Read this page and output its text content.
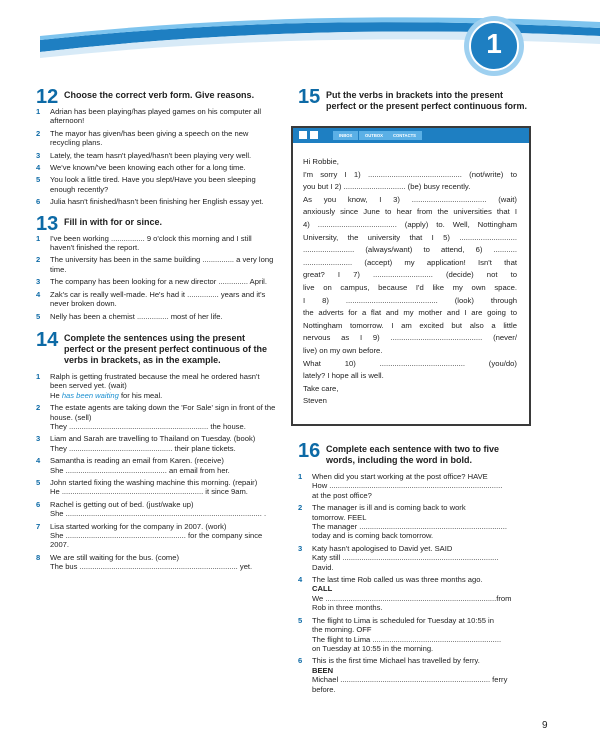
1
12 Choose the correct verb form. Give reasons.
1 Adrian has been playing/has played games on his computer all afternoon!
2 The mayor has given/has been giving a speech on the new recycling plans.
3 Lately, the team hasn't played/hasn't been playing very well.
4 We've known/'ve been knowing each other for a long time.
5 You look a little tired. Have you slept/Have you been sleeping enough recently?
6 Julia hasn't finished/hasn't been finishing her English essay yet.
13 Fill in with for or since.
1 I've been working ................ 9 o'clock this morning and I still haven't finished the report.
2 The university has been in the same building ............... a very long time.
3 The company has been looking for a new director .............. April.
4 Zak's car is really well-made. He's had it ............... years and it's never broken down.
5 Nelly has been a chemist ............... most of her life.
14 Complete the sentences using the present perfect or the present perfect continuous of the verbs in brackets, as in the example.
1 Ralph is getting frustrated because the meal he ordered hasn't been served yet. (wait)
He has been waiting for his meal.
2 The estate agents are taking down the 'For Sale' sign in front of the house. (sell)
They .................................................................. the house.
3 Liam and Sarah are travelling to Thailand on Tuesday. (book)
They ................................................. their plane tickets.
4 Samantha is reading an email from Karen. (receive)
She ................................................ an email from her.
5 John started fixing the washing machine this morning. (repair)
He ................................................................... it since 9am.
6 Rachel is getting out of bed. (just/wake up)
She ............................................................................................. .
7 Lisa started working for the company in 2007. (work)
She ......................................................... for the company since 2007.
8 We are still waiting for the bus. (come)
The bus ........................................................................... yet.
15 Put the verbs in brackets into the present perfect or the present perfect continuous form.
INBOX	OUTBOX	CONTACTS

Hi Robbie,

I'm sorry I 1) ............................................ (not/write) to

you but I 2) ............................. (be) busy recently.

As you know, I 3) ................................... (wait)

anxiously since June to hear from the universities that I

4) ..................................... (apply) to. Well, Nottingham

University, the university that I 5) ...........................

........................ (always/want) to attend, 6) ...........

....................... (accept) my application! Isn't that

great? I 7) ............................ (decide) not to

live on campus, because I'd like my own space.

I 8) ........................................... (look) through

the adverts for a flat and my mother and I are going to

Nottingham tomorrow. I am excited but also a little

nervous as I 9) ........................................... (never/

live) on my own before.

What 10) ........................................ (you/do)

lately? I hope all is well.

Take care,

Steven

16 Complete each sentence with two to five words, including the word in bold.
1 When did you start working at the post office? HAVE
How ..................................................................................
at the post office?
2 The manager is ill and is coming back to work
tomorrow. FEEL
The manager ......................................................................
today and is coming back tomorrow.
3 Katy hasn't apologised to David yet. SAID
Katy still ..........................................................................
David.
4 The last time Rob called us was three months ago.
CALL
We .................................................................................from
Rob in three months.
5 The flight to Lima is scheduled for Tuesday at 10:55 in
the morning. OFF
The flight to Lima .............................................................
on Tuesday at 10:55 in the morning.
6 This is the first time Michael has travelled by ferry.
BEEN
Michael ....................................................................... ferry
before.
9
